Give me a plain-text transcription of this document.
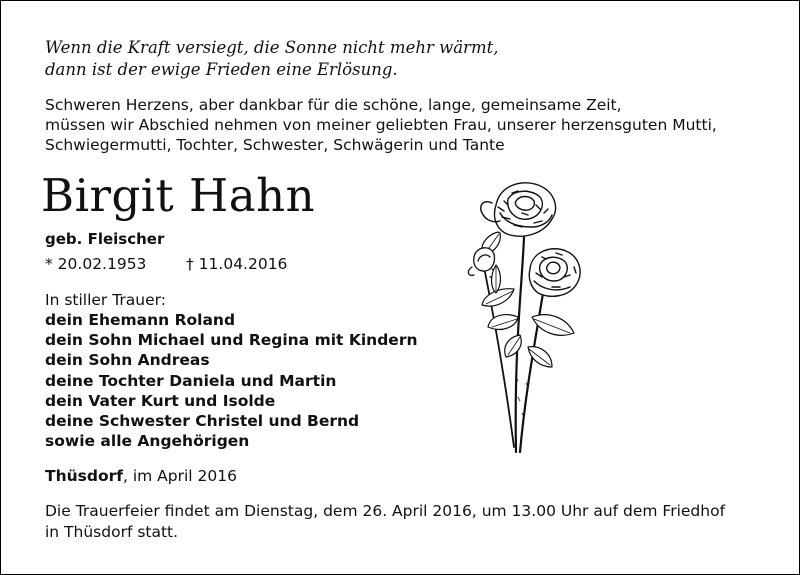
Wenn die Kraft versiegt, die Sonne nicht mehr wärmt,
dann ist der ewige Frieden eine Erlösung.
Schweren Herzens, aber dankbar für die schöne, lange, gemeinsame Zeit,
müssen wir Abschied nehmen von meiner geliebten Frau, unserer herzensguten Mutti,
Schwiegermutti, Tochter, Schwester, Schwägerin und Tante
Birgit Hahn
geb. Fleischer
* 20.02.1953	† 11.04.2016
In stiller Trauer:
dein Ehemann Roland
dein Sohn Michael und Regina mit Kindern
dein Sohn Andreas
deine Tochter Daniela und Martin
dein Vater Kurt und Isolde
deine Schwester Christel und Bernd
sowie alle Angehörigen
Thüsdorf, im April 2016
Die Trauerfeier findet am Dienstag, dem 26. April 2016, um 13.00 Uhr auf dem Friedhof
in Thüsdorf statt.
